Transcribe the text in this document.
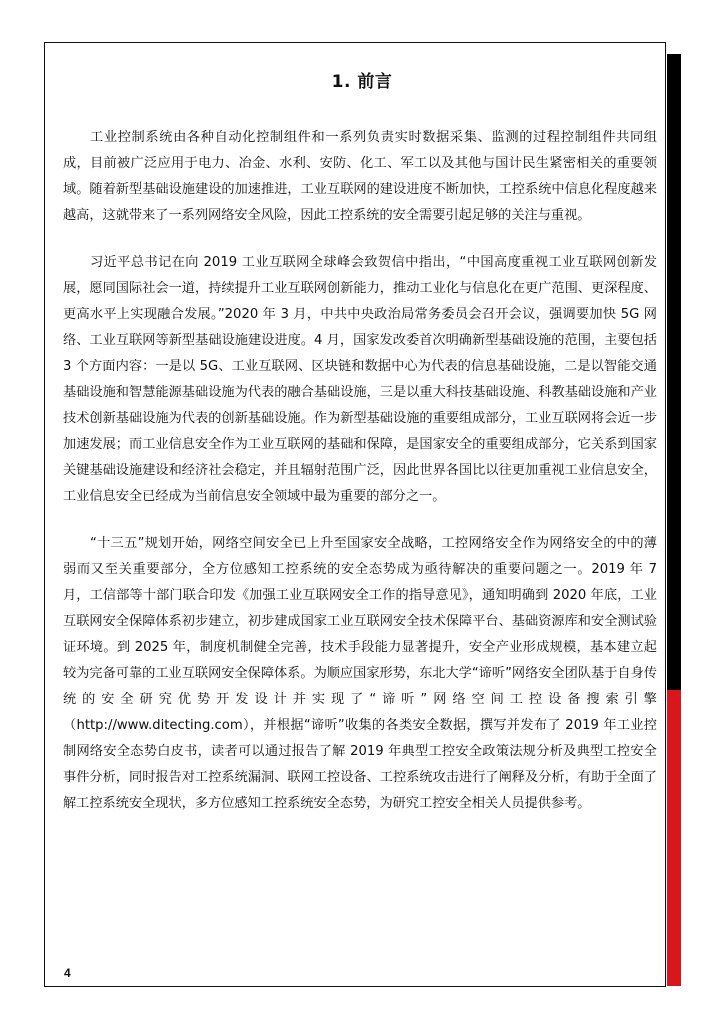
1. 前言

工业控制系统由各种自动化控制组件和一系列负责实时数据采集、监测的过程控制组件共同组成，目前被广泛应用于电力、冶金、水利、安防、化工、军工以及其他与国计民生紧密相关的重要领域。随着新型基础设施建设的加速推进，工业互联网的建设进度不断加快，工控系统中信息化程度越来越高，这就带来了一系列网络安全风险，因此工控系统的安全需要引起足够的关注与重视。

习近平总书记在向 2019 工业互联网全球峰会致贺信中指出，“中国高度重视工业互联网创新发展，愿同国际社会一道，持续提升工业互联网创新能力，推动工业化与信息化在更广范围、更深程度、更高水平上实现融合发展。”2020 年 3 月，中共中央政治局常务委员会召开会议，强调要加快 5G 网络、工业互联网等新型基础设施建设进度。4 月，国家发改委首次明确新型基础设施的范围，主要包括 3 个方面内容：一是以 5G、工业互联网、区块链和数据中心为代表的信息基础设施，二是以智能交通基础设施和智慧能源基础设施为代表的融合基础设施，三是以重大科技基础设施、科教基础设施和产业技术创新基础设施为代表的创新基础设施。作为新型基础设施的重要组成部分，工业互联网将会近一步加速发展；而工业信息安全作为工业互联网的基础和保障，是国家安全的重要组成部分，它关系到国家关键基础设施建设和经济社会稳定，并且辐射范围广泛，因此世界各国比以往更加重视工业信息安全，工业信息安全已经成为当前信息安全领域中最为重要的部分之一。

“十三五”规划开始，网络空间安全已上升至国家安全战略，工控网络安全作为网络安全的中的薄弱而又至关重要部分，全方位感知工控系统的安全态势成为亟待解决的重要问题之一。2019 年 7 月，工信部等十部门联合印发《加强工业互联网安全工作的指导意见》，通知明确到 2020 年底，工业互联网安全保障体系初步建立，初步建成国家工业互联网安全技术保障平台、基础资源库和安全测试验证环境。到 2025 年，制度机制健全完善，技术手段能力显著提升，安全产业形成规模，基本建立起较为完备可靠的工业互联网安全保障体系。为顺应国家形势，东北大学“谛听”网络安全团队基于自身传统的安全研究优势开发设计并实现了“谛听”网络空间工控设备搜索引擎（http://www.ditecting.com），并根据“谛听”收集的各类安全数据，撰写并发布了 2019 年工业控制网络安全态势白皮书，读者可以通过报告了解 2019 年典型工控安全政策法规分析及典型工控安全事件分析，同时报告对工控系统漏洞、联网工控设备、工控系统攻击进行了阐释及分析，有助于全面了解工控系统安全现状，多方位感知工控系统安全态势，为研究工控安全相关人员提供参考。

4
